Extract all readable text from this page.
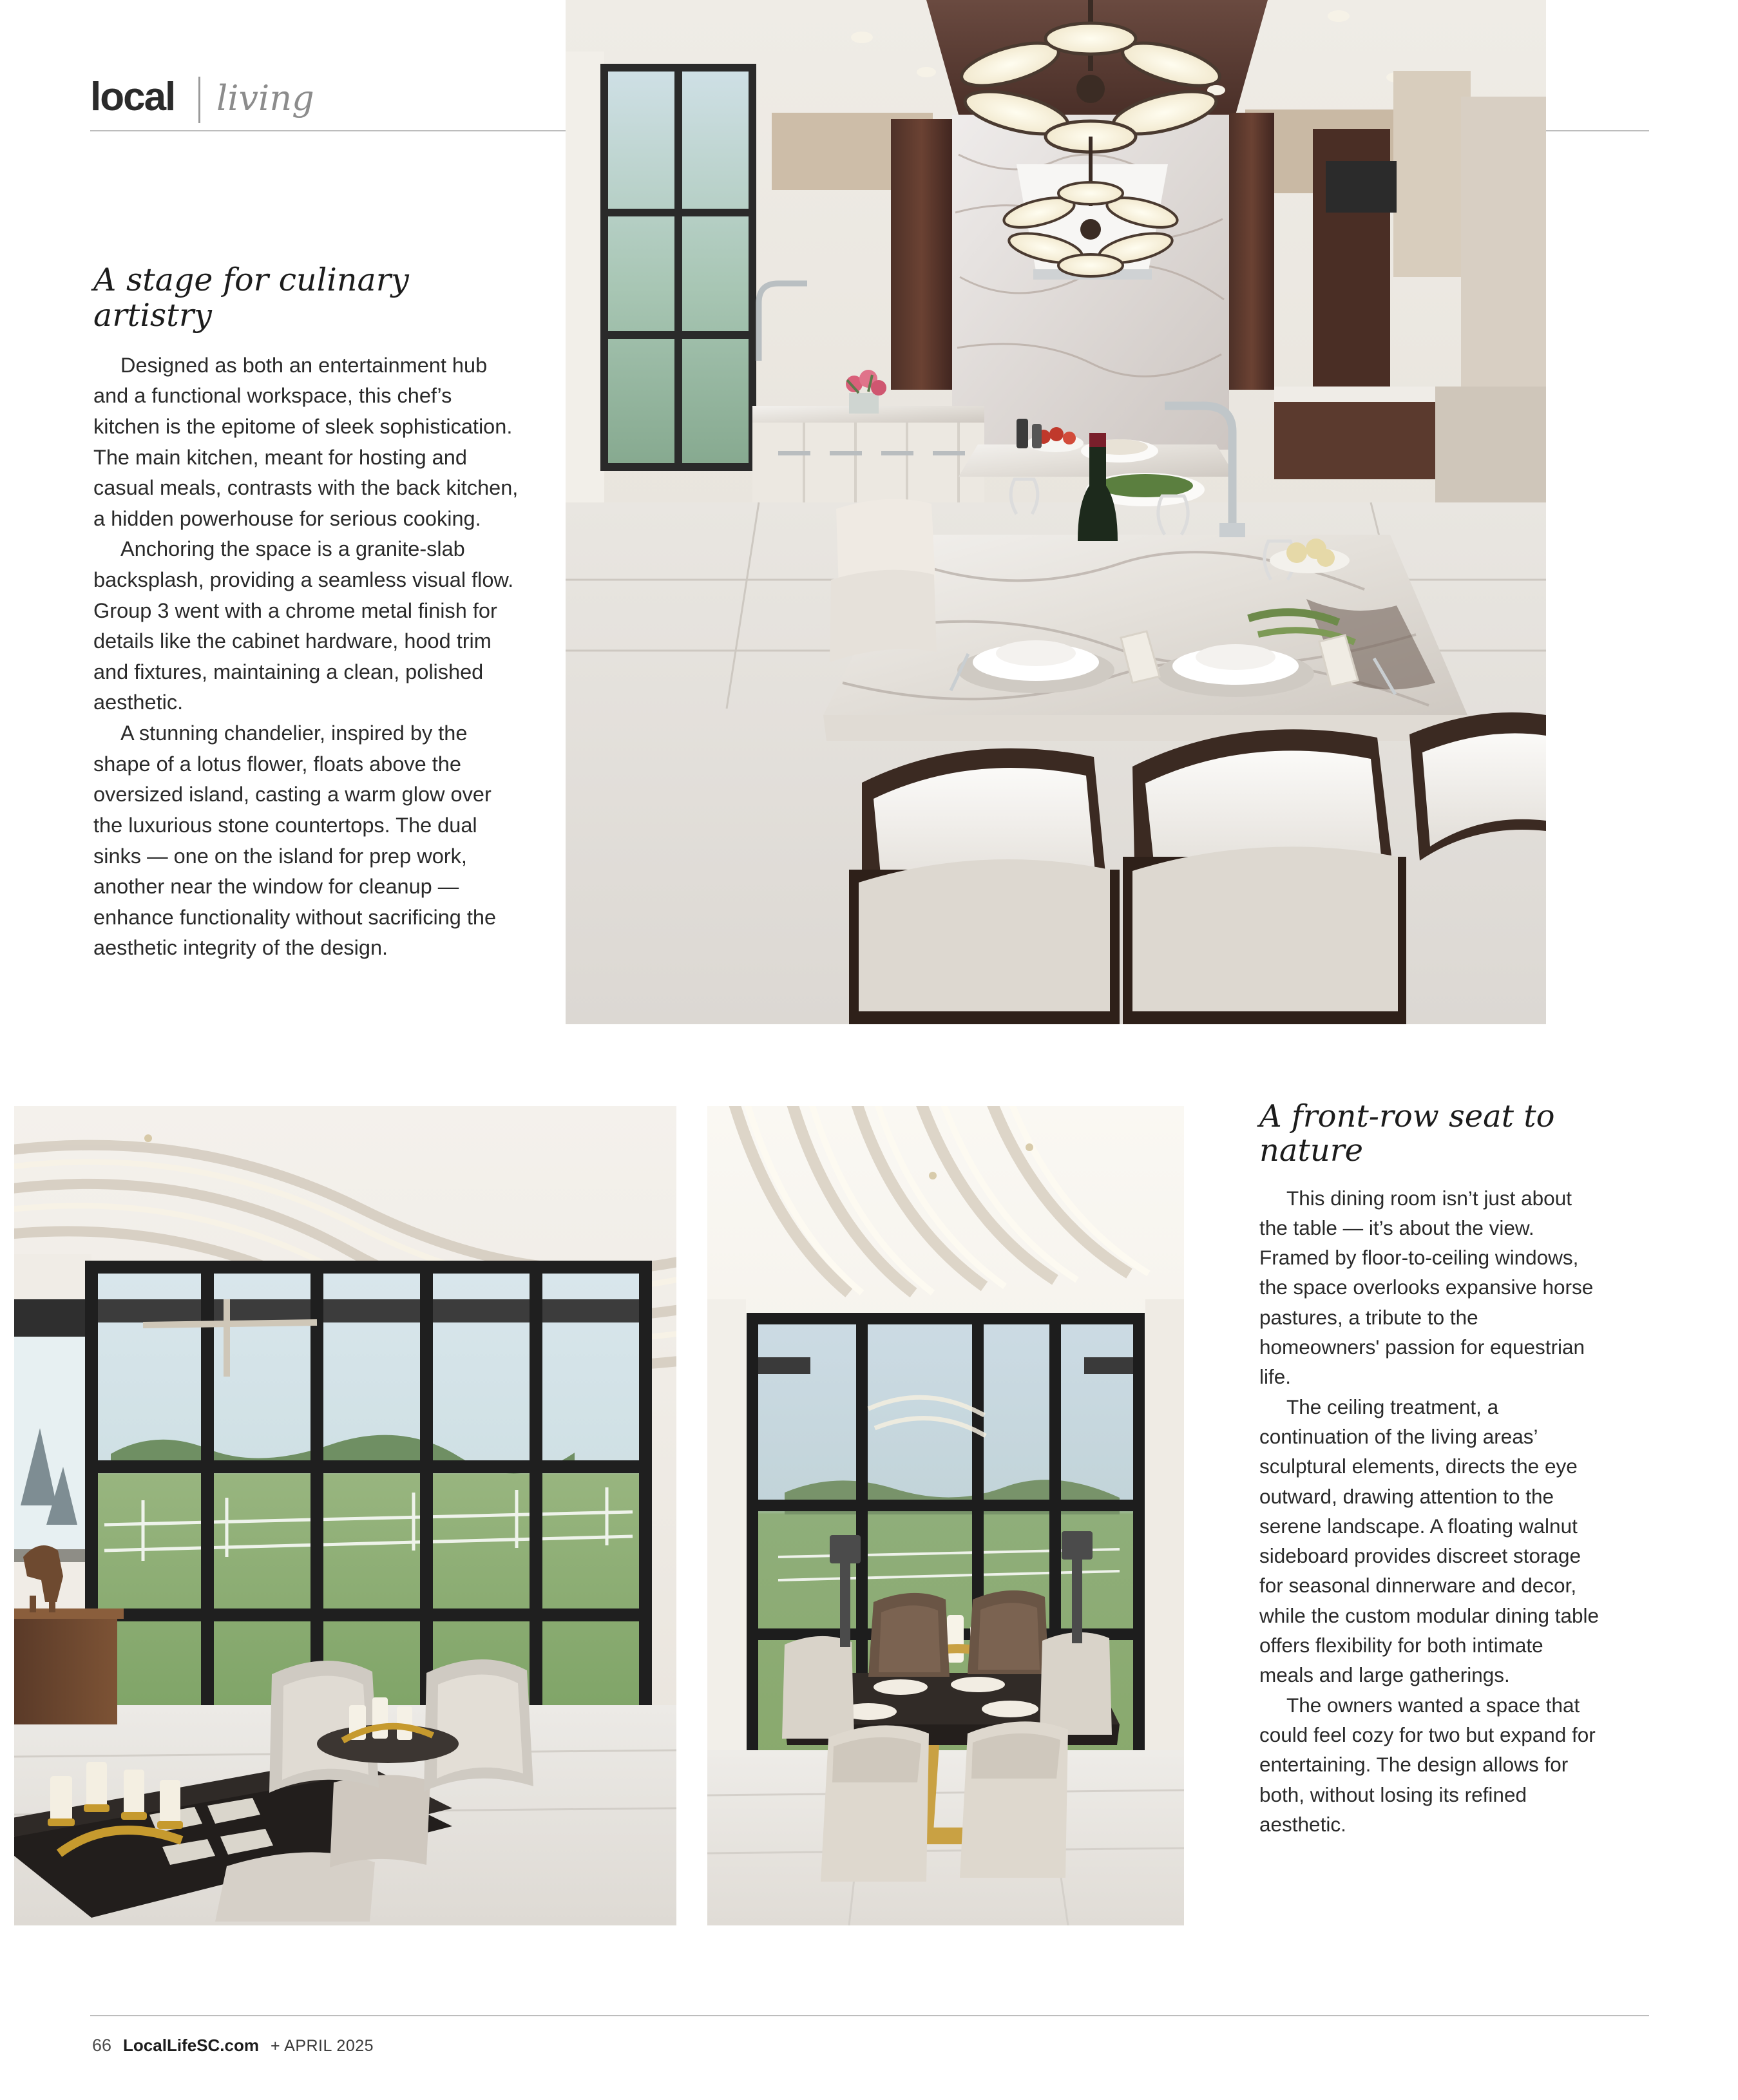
local living
A stage for culinary artistry

Designed as both an entertainment hub and a functional workspace, this chef’s kitchen is the epitome of sleek sophistication. The main kitchen, meant for hosting and casual meals, contrasts with the back kitchen, a hidden powerhouse for serious cooking.

Anchoring the space is a granite-slab backsplash, providing a seamless visual flow. Group 3 went with a chrome metal finish for details like the cabinet hardware, hood trim and fixtures, maintaining a clean, polished aesthetic.

A stunning chandelier, inspired by the shape of a lotus flower, floats above the oversized island, casting a warm glow over the luxurious stone countertops. The dual sinks — one on the island for prep work, another near the window for cleanup — enhance functionality without sacrificing the aesthetic integrity of the design.

A front-row seat to nature

This dining room isn’t just about the table — it’s about the view. Framed by floor-to-ceiling windows, the space overlooks expansive horse pastures, a tribute to the homeowners' passion for equestrian life.

The ceiling treatment, a continuation of the living areas’ sculptural elements, directs the eye outward, drawing attention to the serene landscape. A floating walnut sideboard provides discreet storage for seasonal dinnerware and decor, while the custom modular dining table offers flexibility for both intimate meals and large gatherings.

The owners wanted a space that could feel cozy for two but expand for entertaining. The design allows for both, without losing its refined aesthetic.

66 LocalLifeSC.com + APRIL 2025
